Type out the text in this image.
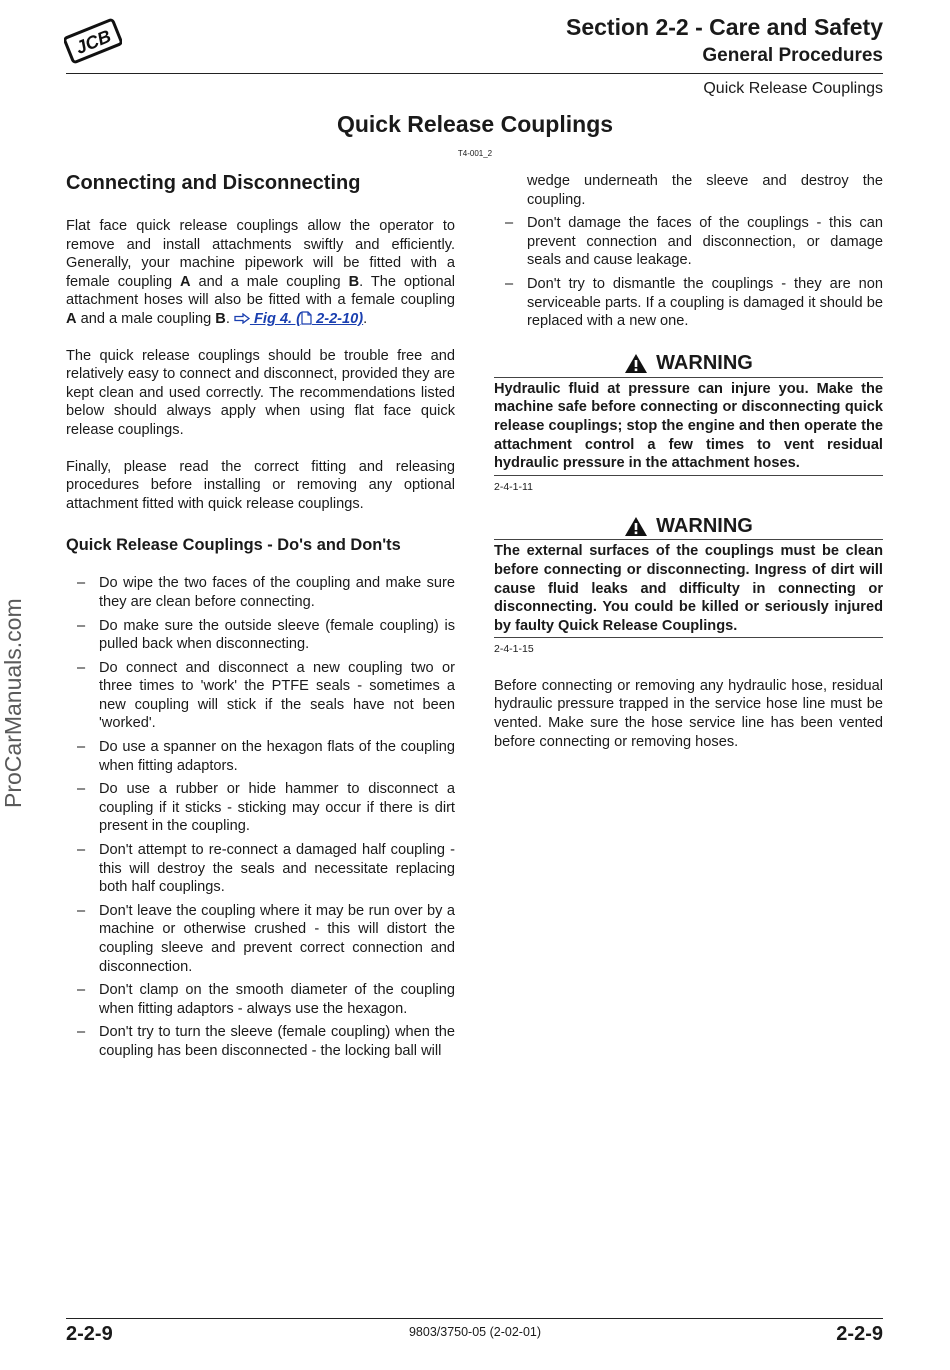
JCB	Section 2-2 - Care and Safety
General Procedures
Quick Release Couplings
Quick Release Couplings
T4-001_2
ProCarManuals.com
Connecting and Disconnecting

Flat face quick release couplings allow the operator to remove and install attachments swiftly and efficiently. Generally, your machine pipework will be fitted with a female coupling A and a male coupling B. The optional attachment hoses will also be fitted with a female coupling A and a male coupling B.  Fig 4. ( 2-2-10).

The quick release couplings should be trouble free and relatively easy to connect and disconnect, provided they are kept clean and used correctly. The recommendations listed below should always apply when using flat face quick release couplings.

Finally, please read the correct fitting and releasing procedures before installing or removing any optional attachment fitted with quick release couplings.

Quick Release Couplings - Do's and Don'ts
– Do wipe the two faces of the coupling and make sure they are clean before connecting.
– Do make sure the outside sleeve (female coupling) is pulled back when disconnecting.
– Do connect and disconnect a new coupling two or three times to 'work' the PTFE seals - sometimes a new coupling will stick if the seals have not been 'worked'.
– Do use a spanner on the hexagon flats of the coupling when fitting adaptors.
– Do use a rubber or hide hammer to disconnect a coupling if it sticks - sticking may occur if there is dirt present in the coupling.
– Don't attempt to re-connect a damaged half coupling - this will destroy the seals and necessitate replacing both half couplings.
– Don't leave the coupling where it may be run over by a machine or otherwise crushed - this will distort the coupling sleeve and prevent correct connection and disconnection.
– Don't clamp on the smooth diameter of the coupling when fitting adaptors - always use the hexagon.
– Don't try to turn the sleeve (female coupling) when the coupling has been disconnected - the locking ball will
wedge underneath the sleeve and destroy the coupling.
– Don't damage the faces of the couplings - this can prevent connection and disconnection, or damage seals and cause leakage.
– Don't try to dismantle the couplings - they are non serviceable parts. If a coupling is damaged it should be replaced with a new one.
WARNING
Hydraulic fluid at pressure can injure you. Make the machine safe before connecting or disconnecting quick release couplings; stop the engine and then operate the attachment control a few times to vent residual hydraulic pressure in the attachment hoses.
2-4-1-11
WARNING
The external surfaces of the couplings must be clean before connecting or disconnecting. Ingress of dirt will cause fluid leaks and difficulty in connecting or disconnecting. You could be killed or seriously injured by faulty Quick Release Couplings.
2-4-1-15

Before connecting or removing any hydraulic hose, residual hydraulic pressure trapped in the service hose line must be vented. Make sure the hose service line has been vented before connecting or removing hoses.

2-2-9	9803/3750-05 (2-02-01)	2-2-9
